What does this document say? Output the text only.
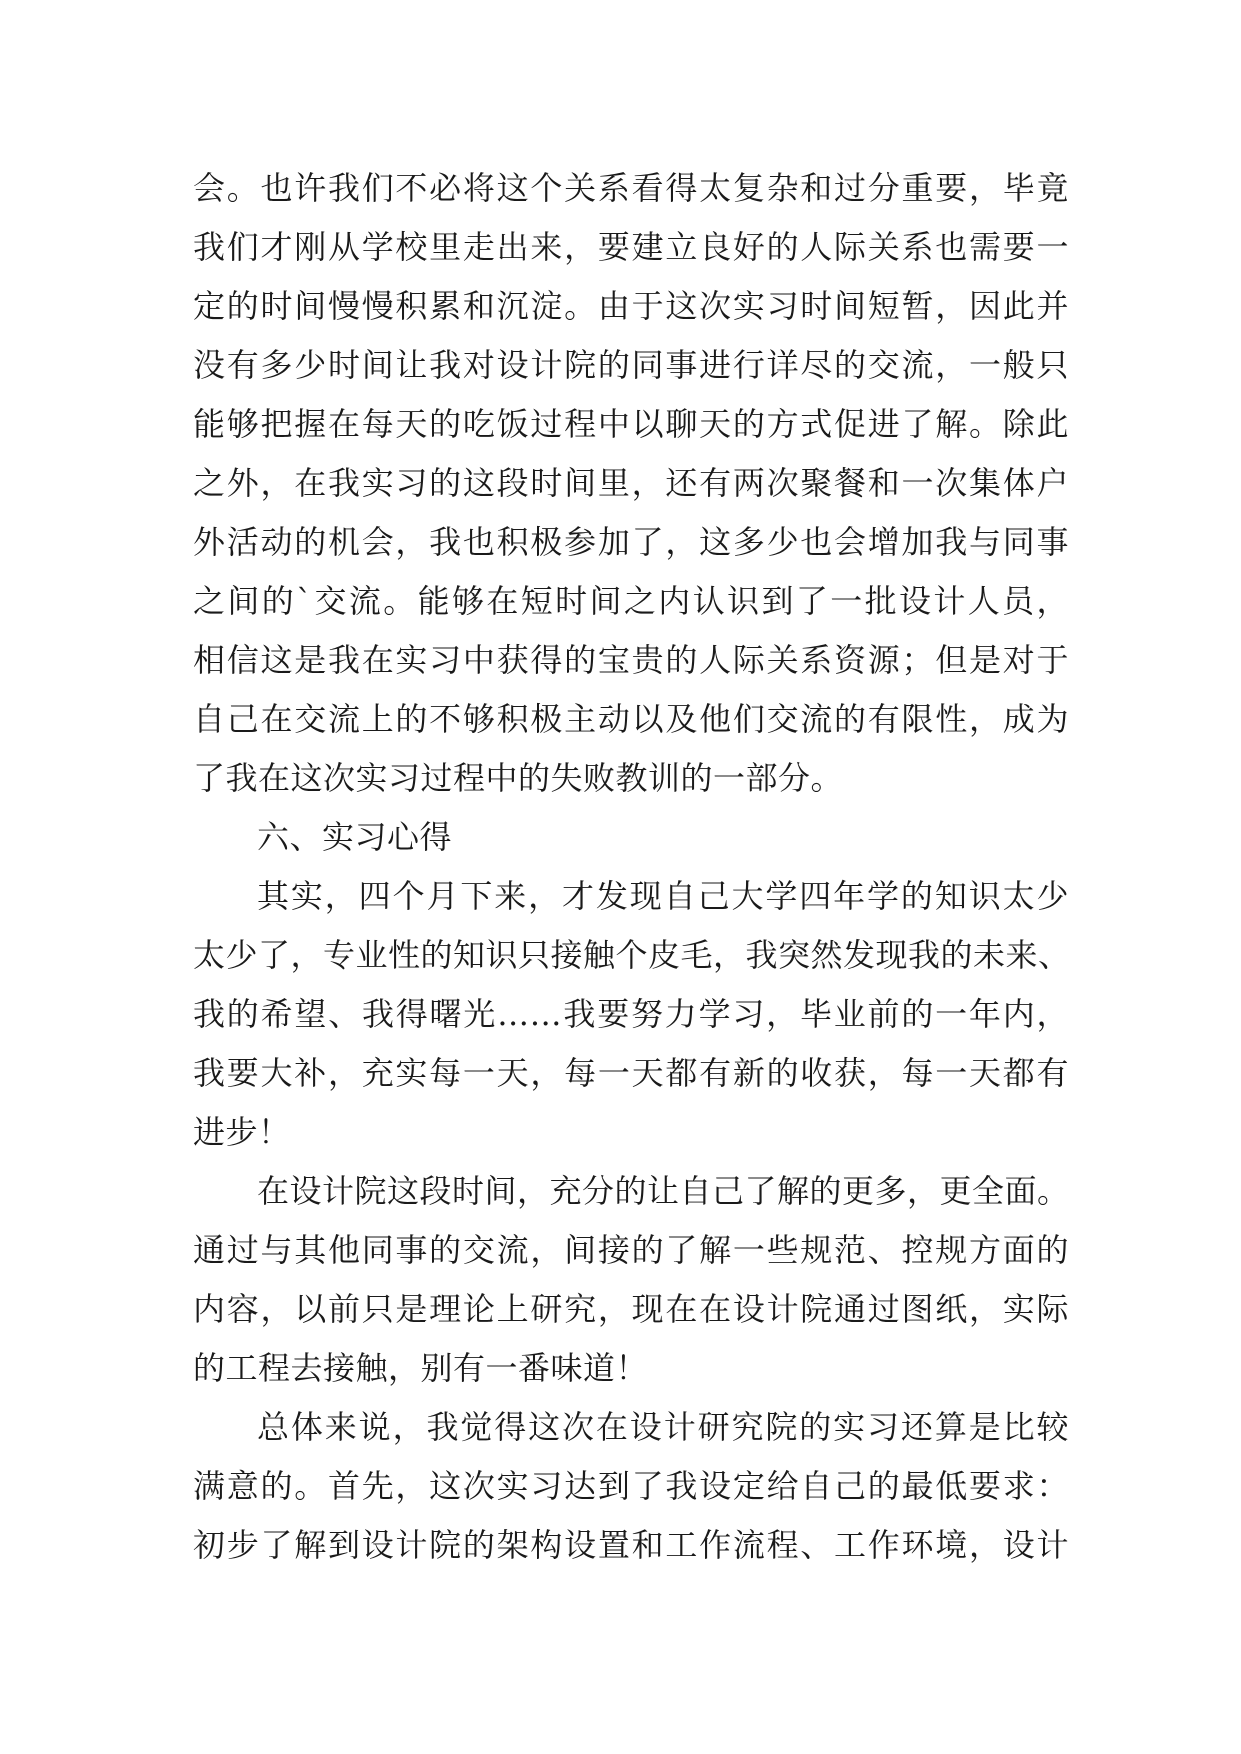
会。也许我们不必将这个关系看得太复杂和过分重要，毕竟
我们才刚从学校里走出来，要建立良好的人际关系也需要一
定的时间慢慢积累和沉淀。由于这次实习时间短暂，因此并
没有多少时间让我对设计院的同事进行详尽的交流，一般只
能够把握在每天的吃饭过程中以聊天的方式促进了解。除此
之外，在我实习的这段时间里，还有两次聚餐和一次集体户
外活动的机会，我也积极参加了，这多少也会增加我与同事
之间的`交流。能够在短时间之内认识到了一批设计人员，
相信这是我在实习中获得的宝贵的人际关系资源；但是对于
自己在交流上的不够积极主动以及他们交流的有限性，成为
了我在这次实习过程中的失败教训的一部分。
六、实习心得
其实，四个月下来，才发现自己大学四年学的知识太少
太少了，专业性的知识只接触个皮毛，我突然发现我的未来、
我的希望、我得曙光……我要努力学习，毕业前的一年内，
我要大补，充实每一天，每一天都有新的收获，每一天都有
进步！
在设计院这段时间，充分的让自己了解的更多，更全面。
通过与其他同事的交流，间接的了解一些规范、控规方面的
内容，以前只是理论上研究，现在在设计院通过图纸，实际
的工程去接触，别有一番味道！
总体来说，我觉得这次在设计研究院的实习还算是比较
满意的。首先，这次实习达到了我设定给自己的最低要求：
初步了解到设计院的架构设置和工作流程、工作环境，设计
